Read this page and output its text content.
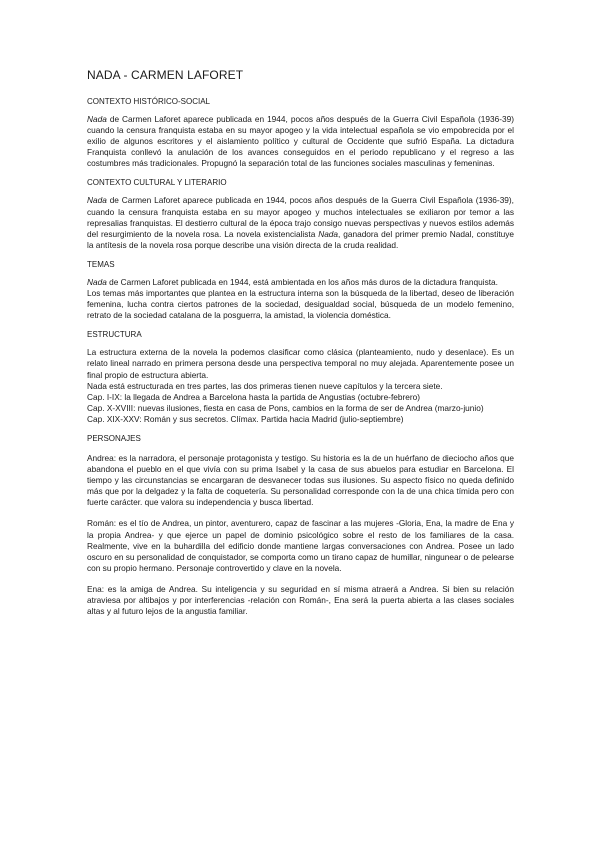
NADA - CARMEN LAFORET
CONTEXTO HISTÓRICO-SOCIAL

Nada de Carmen Laforet aparece publicada en 1944, pocos años después de la Guerra Civil Española (1936-39) cuando la censura franquista estaba en su mayor apogeo y la vida intelectual española se vio empobrecida por el exilio de algunos escritores y el aislamiento político y cultural de Occidente que sufrió España. La dictadura Franquista conllevó la anulación de los avances conseguidos en el periodo republicano y el regreso a las costumbres más tradicionales. Propugnó la separación total de las funciones sociales masculinas y femeninas.

CONTEXTO CULTURAL Y LITERARIO

Nada de Carmen Laforet aparece publicada en 1944, pocos años después de la Guerra Civil Española (1936-39), cuando la censura franquista estaba en su mayor apogeo y muchos intelectuales se exiliaron por temor a las represalias franquistas. El destierro cultural de la época trajo consigo nuevas perspectivas y nuevos estilos además del resurgimiento de la novela rosa. La novela existencialista Nada, ganadora del primer premio Nadal, constituye la antítesis de la novela rosa porque describe una visión directa de la cruda realidad.

TEMAS

Nada de Carmen Laforet publicada en 1944, está ambientada en los años más duros de la dictadura franquista.

Los temas más importantes que plantea en la estructura interna son la búsqueda de la libertad, deseo de liberación femenina, lucha contra ciertos patrones de la sociedad, desigualdad social, búsqueda de un modelo femenino, retrato de la sociedad catalana de la posguerra, la amistad, la violencia doméstica.

ESTRUCTURA

La estructura externa de la novela la podemos clasificar como clásica (planteamiento, nudo y desenlace). Es un relato lineal narrado en primera persona desde una perspectiva temporal no muy alejada. Aparentemente posee un final propio de estructura abierta.

Nada está estructurada en tres partes, las dos primeras tienen nueve capítulos y la tercera siete.

Cap. I-IX: la llegada de Andrea a Barcelona hasta la partida de Angustias (octubre-febrero)

Cap. X-XVIII: nuevas ilusiones, fiesta en casa de Pons, cambios en la forma de ser de Andrea (marzo-junio)

Cap. XIX-XXV: Román y sus secretos. Clímax. Partida hacia Madrid (julio-septiembre)

PERSONAJES

Andrea: es la narradora, el personaje protagonista y testigo. Su historia es la de un huérfano de dieciocho años que abandona el pueblo en el que vivía con su prima Isabel y la casa de sus abuelos para estudiar en Barcelona. El tiempo y las circunstancias se encargaran de desvanecer todas sus ilusiones. Su aspecto físico no queda definido más que por la delgadez y la falta de coquetería. Su personalidad corresponde con la de una chica tímida pero con fuerte carácter. que valora su independencia y busca libertad.

Román: es el tío de Andrea, un pintor, aventurero, capaz de fascinar a las mujeres -Gloria, Ena, la madre de Ena y la propia Andrea- y que ejerce un papel de dominio psicológico sobre el resto de los familiares de la casa. Realmente, vive en la buhardilla del edificio donde mantiene largas conversaciones con Andrea. Posee un lado oscuro en su personalidad de conquistador, se comporta como un tirano capaz de humillar, ningunear o de pelearse con su propio hermano. Personaje controvertido y clave en la novela.

Ena: es la amiga de Andrea. Su inteligencia y su seguridad en sí misma atraerá a Andrea. Si bien su relación atraviesa por altibajos y por interferencias -relación con Román-, Ena será la puerta abierta a las clases sociales altas y al futuro lejos de la angustia familiar.
